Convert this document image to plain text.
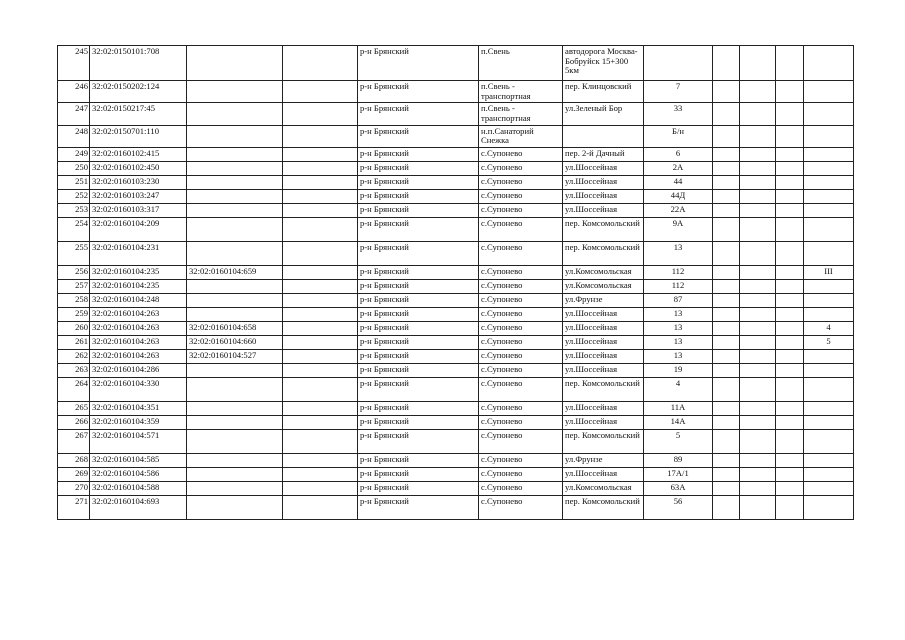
245	32:02:0150101:708			р-н Брянский	п.Свень	автодорога Москва-Бобруйск 15+300 5км					
246	32:02:0150202:124			р-н Брянский	п.Свень - транспортная	пер. Клинцовский	7				
247	32:02:0150217:45			р-н Брянский	п.Свень - транспортная	ул.Зеленый Бор	33				
248	32:02:0150701:110			р-н Брянский	н.п.Санаторий Снежка		Б/н				
249	32:02:0160102:415			р-н Брянский	с.Супонево	пер. 2-й Дачный	6				
250	32:02:0160102:450			р-н Брянский	с.Супонево	ул.Шоссейная	2А				
251	32:02:0160103:230			р-н Брянский	с.Супонево	ул.Шоссейная	44				
252	32:02:0160103:247			р-н Брянский	с.Супонево	ул.Шоссейная	44Д				
253	32:02:0160103:317			р-н Брянский	с.Супонево	ул.Шоссейная	22А				
254	32:02:0160104:209			р-н Брянский	с.Супонево	пер. Комсомольский	9А				
255	32:02:0160104:231			р-н Брянский	с.Супонево	пер. Комсомольский	13				
256	32:02:0160104:235	32:02:0160104:659		р-н Брянский	с.Супонево	ул.Комсомольская	112				III
257	32:02:0160104:235			р-н Брянский	с.Супонево	ул.Комсомольская	112				
258	32:02:0160104:248			р-н Брянский	с.Супонево	ул.Фрунзе	87				
259	32:02:0160104:263			р-н Брянский	с.Супонево	ул.Шоссейная	13				
260	32:02:0160104:263	32:02:0160104:658		р-н Брянский	с.Супонево	ул.Шоссейная	13				4
261	32:02:0160104:263	32:02:0160104:660		р-н Брянский	с.Супонево	ул.Шоссейная	13				5
262	32:02:0160104:263	32:02:0160104:527		р-н Брянский	с.Супонево	ул.Шоссейная	13				
263	32:02:0160104:286			р-н Брянский	с.Супонево	ул.Шоссейная	19				
264	32:02:0160104:330			р-н Брянский	с.Супонево	пер. Комсомольский	4				
265	32:02:0160104:351			р-н Брянский	с.Супонево	ул.Шоссейная	11А				
266	32:02:0160104:359			р-н Брянский	с.Супонево	ул.Шоссейная	14А				
267	32:02:0160104:571			р-н Брянский	с.Супонево	пер. Комсомольский	5				
268	32:02:0160104:585			р-н Брянский	с.Супонево	ул.Фрунзе	89				
269	32:02:0160104:586			р-н Брянский	с.Супонево	ул.Шоссейная	17А/1				
270	32:02:0160104:588			р-н Брянский	с.Супонево	ул.Комсомольская	63А				
271	32:02:0160104:693			р-н Брянский	с.Супонево	пер. Комсомольский	56				
